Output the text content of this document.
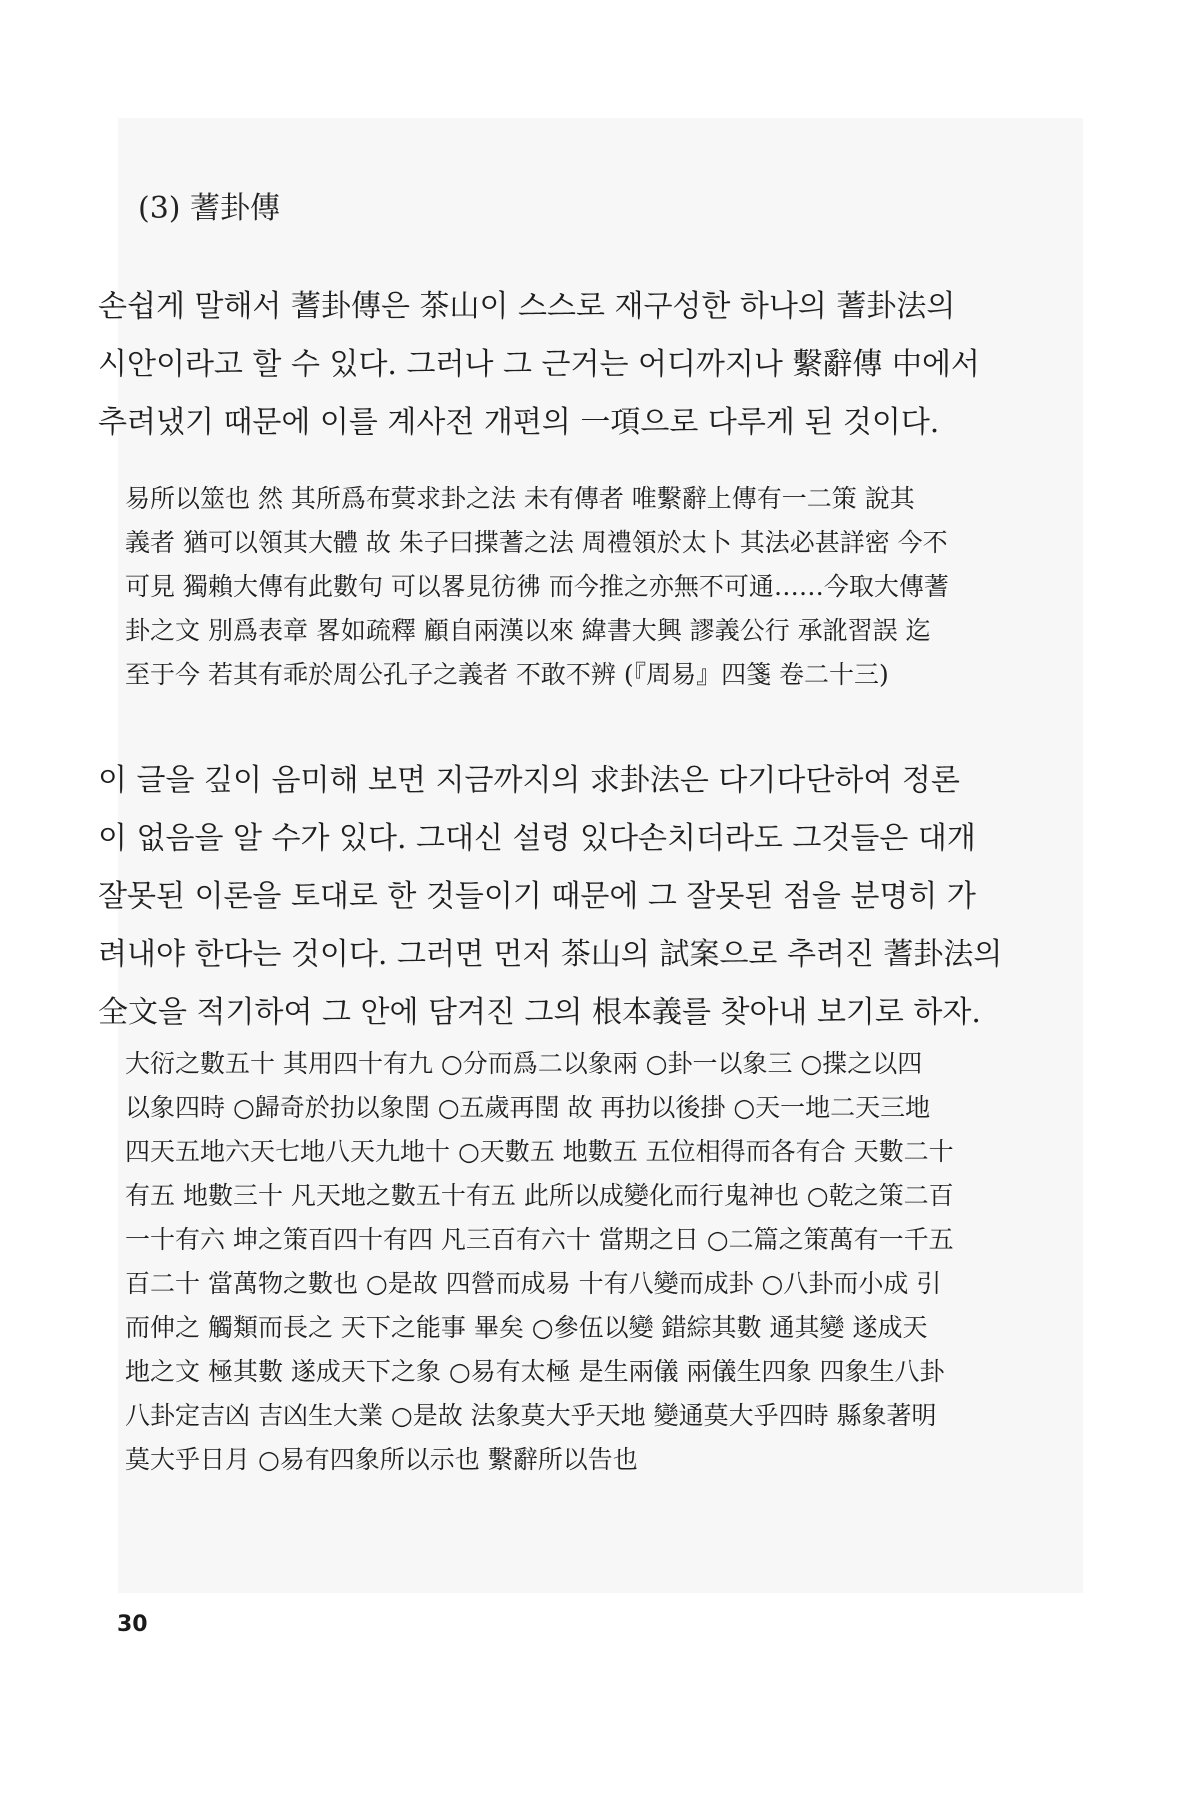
(3) 蓍卦傳
손쉽게 말해서 蓍卦傳은 茶山이 스스로 재구성한 하나의 蓍卦法의
시안이라고 할 수 있다. 그러나 그 근거는 어디까지나 繫辭傳 中에서
추려냈기 때문에 이를 계사전 개편의 一項으로 다루게 된 것이다.
易所以筮也 然 其所爲布蓂求卦之法 未有傳者 唯繫辭上傳有一二策 說其
義者 猶可以領其大體 故 朱子曰揲蓍之法 周禮領於太卜 其法必甚詳密 今不
可見 獨賴大傳有此數句 可以畧見彷彿 而今推之亦無不可通……今取大傳蓍
卦之文 別爲表章 畧如疏釋 顧自兩漢以來 緯書大興 謬義公行 承訛習誤 迄
至于今 若其有乖於周公孔子之義者 不敢不辨 (『周易』四箋 卷二十三)
이 글을 깊이 음미해 보면 지금까지의 求卦法은 다기다단하여 정론
이 없음을 알 수가 있다. 그대신 설령 있다손치더라도 그것들은 대개
잘못된 이론을 토대로 한 것들이기 때문에 그 잘못된 점을 분명히 가
려내야 한다는 것이다. 그러면 먼저 茶山의 試案으로 추려진 蓍卦法의
全文을 적기하여 그 안에 담겨진 그의 根本義를 찾아내 보기로 하자.
大衍之數五十 其用四十有九 ○分而爲二以象兩 ○卦一以象三 ○揲之以四
以象四時 ○歸奇於扐以象閏 ○五歲再閏 故 再扐以後掛 ○天一地二天三地
四天五地六天七地八天九地十 ○天數五 地數五 五位相得而各有合 天數二十
有五 地數三十 凡天地之數五十有五 此所以成變化而行鬼神也 ○乾之策二百
一十有六 坤之策百四十有四 凡三百有六十 當期之日 ○二篇之策萬有一千五
百二十 當萬物之數也 ○是故 四營而成易 十有八變而成卦 ○八卦而小成 引
而伸之 觸類而長之 天下之能事 畢矣 ○參伍以變 錯綜其數 通其變 遂成天
地之文 極其數 遂成天下之象 ○易有太極 是生兩儀 兩儀生四象 四象生八卦
八卦定吉凶 吉凶生大業 ○是故 法象莫大乎天地 變通莫大乎四時 縣象著明
莫大乎日月 ○易有四象所以示也 繫辭所以告也
30
